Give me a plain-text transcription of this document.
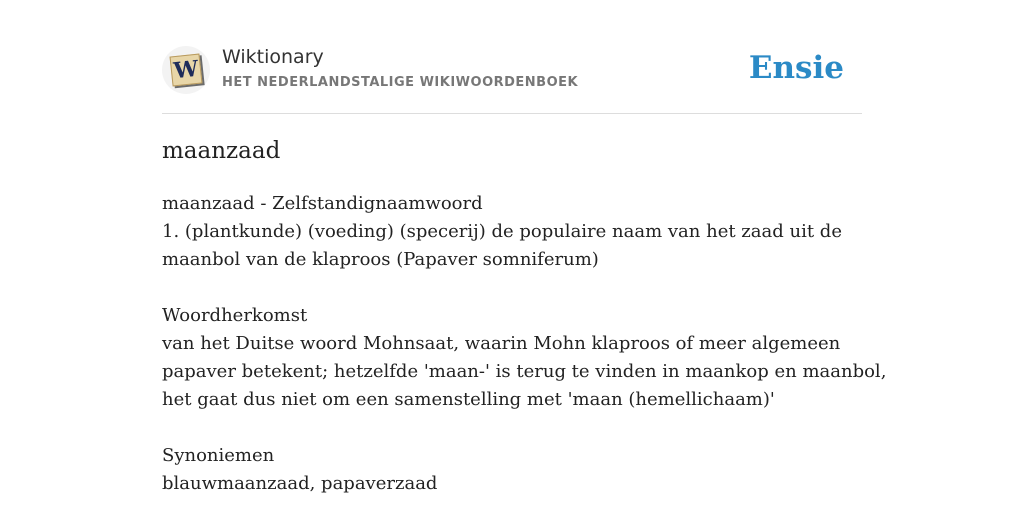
W Wiktionary
HET NEDERLANDSTALIGE WIKIWOORDENBOEK	Ensie
maanzaad
maanzaad - Zelfstandignaamwoord
1. (plantkunde) (voeding) (specerij) de populaire naam van het zaad uit de
maanbol van de klaproos (Papaver somniferum)
Woordherkomst
van het Duitse woord Mohnsaat, waarin Mohn klaproos of meer algemeen
papaver betekent; hetzelfde 'maan-' is terug te vinden in maankop en maanbol,
het gaat dus niet om een samenstelling met 'maan (hemellichaam)'
Synoniemen
blauwmaanzaad, papaverzaad
